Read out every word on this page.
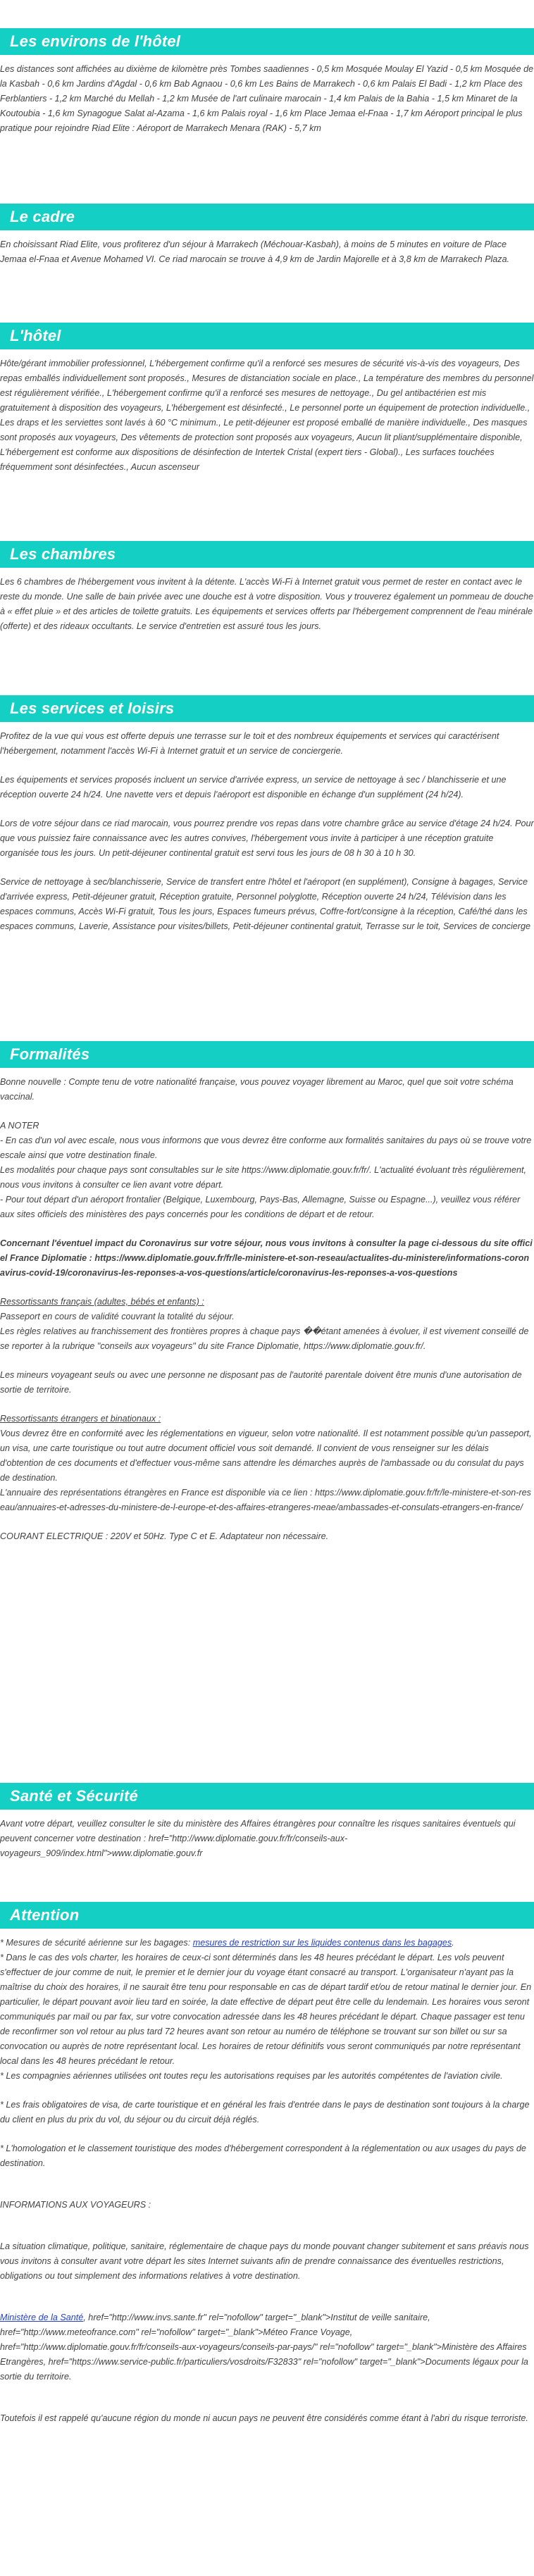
Les environs de l'hôtel

Les distances sont affichées au dixième de kilomètre près Tombes saadiennes - 0,5 km Mosquée Moulay El Yazid - 0,5 km Mosquée de la Kasbah - 0,6 km Jardins d'Agdal - 0,6 km Bab Agnaou - 0,6 km Les Bains de Marrakech - 0,6 km Palais El Badi - 1,2 km Place des Ferblantiers - 1,2 km Marché du Mellah - 1,2 km Musée de l'art culinaire marocain - 1,4 km Palais de la Bahia - 1,5 km Minaret de la Koutoubia - 1,6 km Synagogue Salat al-Azama - 1,6 km Palais royal - 1,6 km Place Jemaa el-Fnaa - 1,7 km Aéroport principal le plus pratique pour rejoindre Riad Elite : Aéroport de Marrakech Menara (RAK) - 5,7 km

Le cadre

En choisissant Riad Elite, vous profiterez d'un séjour à Marrakech (Méchouar-Kasbah), à moins de 5 minutes en voiture de Place Jemaa el-Fnaa et Avenue Mohamed VI. Ce riad marocain se trouve à 4,9 km de Jardin Majorelle et à 3,8 km de Marrakech Plaza.

L'hôtel

Hôte/gérant immobilier professionnel, L'hébergement confirme qu'il a renforcé ses mesures de sécurité vis-à-vis des voyageurs, Des repas emballés individuellement sont proposés., Mesures de distanciation sociale en place., La température des membres du personnel est régulièrement vérifiée., L'hébergement confirme qu'il a renforcé ses mesures de nettoyage., Du gel antibactérien est mis gratuitement à disposition des voyageurs, L'hébergement est désinfecté., Le personnel porte un équipement de protection individuelle., Les draps et les serviettes sont lavés à 60 °C minimum., Le petit-déjeuner est proposé emballé de manière individuelle., Des masques sont proposés aux voyageurs, Des vêtements de protection sont proposés aux voyageurs, Aucun lit pliant/supplémentaire disponible, L'hébergement est conforme aux dispositions de désinfection de Intertek Cristal (expert tiers - Global)., Les surfaces touchées fréquemment sont désinfectées., Aucun ascenseur

Les chambres

Les 6 chambres de l'hébergement vous invitent à la détente. L'accès Wi-Fi à Internet gratuit vous permet de rester en contact avec le reste du monde. Une salle de bain privée avec une douche est à votre disposition. Vous y trouverez également un pommeau de douche à « effet pluie » et des articles de toilette gratuits. Les équipements et services offerts par l'hébergement comprennent de l'eau minérale (offerte) et des rideaux occultants. Le service d'entretien est assuré tous les jours.

Les services et loisirs

Profitez de la vue qui vous est offerte depuis une terrasse sur le toit et des nombreux équipements et services qui caractérisent l'hébergement, notamment l'accès Wi-Fi à Internet gratuit et un service de conciergerie.

Les équipements et services proposés incluent un service d'arrivée express, un service de nettoyage à sec / blanchisserie et une réception ouverte 24 h/24. Une navette vers et depuis l'aéroport est disponible en échange d'un supplément (24 h/24).

Lors de votre séjour dans ce riad marocain, vous pourrez prendre vos repas dans votre chambre grâce au service d'étage 24 h/24. Pour que vous puissiez faire connaissance avec les autres convives, l'hébergement vous invite à participer à une réception gratuite organisée tous les jours. Un petit-déjeuner continental gratuit est servi tous les jours de 08 h 30 à 10 h 30.

Service de nettoyage à sec/blanchisserie, Service de transfert entre l'hôtel et l'aéroport (en supplément), Consigne à bagages, Service d'arrivée express, Petit-déjeuner gratuit, Réception gratuite, Personnel polyglotte, Réception ouverte 24 h/24, Télévision dans les espaces communs, Accès Wi-Fi gratuit, Tous les jours, Espaces fumeurs prévus, Coffre-fort/consigne à la réception, Café/thé dans les espaces communs, Laverie, Assistance pour visites/billets, Petit-déjeuner continental gratuit, Terrasse sur le toit, Services de concierge

Formalités

Bonne nouvelle : Compte tenu de votre nationalité française, vous pouvez voyager librement au Maroc, quel que soit votre schéma vaccinal.

A NOTER
- En cas d'un vol avec escale, nous vous informons que vous devrez être conforme aux formalités sanitaires du pays où se trouve votre escale ainsi que votre destination finale.
Les modalités pour chaque pays sont consultables sur le site https://www.diplomatie.gouv.fr/fr/. L'actualité évoluant très régulièrement, nous vous invitons à consulter ce lien avant votre départ.

- Pour tout départ d'un aéroport frontalier (Belgique, Luxembourg, Pays-Bas, Allemagne, Suisse ou Espagne...), veuillez vous référer aux sites officiels des ministères des pays concernés pour les conditions de départ et de retour.

Concernant l'éventuel impact du Coronavirus sur votre séjour, nous vous invitons à consulter la page ci-dessous du site officiel France Diplomatie : https://www.diplomatie.gouv.fr/fr/le-ministere-et-son-reseau/actualites-du-ministere/informations-coronavirus-covid-19/coronavirus-les-reponses-a-vos-questions/article/coronavirus-les-reponses-a-vos-questions

Ressortissants français (adultes, bébés et enfants) :
Passeport en cours de validité couvrant la totalité du séjour.

Les règles relatives au franchissement des frontières propres à chaque pays ��étant amenées à évoluer, il est vivement conseillé de se reporter à la rubrique "conseils aux voyageurs" du site France Diplomatie, https://www.diplomatie.gouv.fr/.

Les mineurs voyageant seuls ou avec une personne ne disposant pas de l'autorité parentale doivent être munis d'une autorisation de sortie de territoire.

Ressortissants étrangers et binationaux :
Vous devrez être en conformité avec les réglementations en vigueur, selon votre nationalité. Il est notamment possible qu'un passeport, un visa, une carte touristique ou tout autre document officiel vous soit demandé. Il convient de vous renseigner sur les délais d'obtention de ces documents et d'effectuer vous-même sans attendre les démarches auprès de l'ambassade ou du consulat du pays de destination.

L'annuaire des représentations étrangères en France est disponible via ce lien : https://www.diplomatie.gouv.fr/fr/le-ministere-et-son-reseau/annuaires-et-adresses-du-ministere-de-l-europe-et-des-affaires-etrangeres-meae/ambassades-et-consulats-etrangers-en-france/

COURANT ELECTRIQUE : 220V et 50Hz. Type C et E. Adaptateur non nécessaire.

Santé et Sécurité

Avant votre départ, veuillez consulter le site du ministère des Affaires étrangères pour connaître les risques sanitaires éventuels qui peuvent concerner votre destination : href="http://www.diplomatie.gouv.fr/fr/conseils-aux-voyageurs_909/index.html">www.diplomatie.gouv.fr

Attention
* Mesures de sécurité aérienne sur les bagages: mesures de restriction sur les liquides contenus dans les bagages.
* Dans le cas des vols charter, les horaires de ceux-ci sont déterminés dans les 48 heures précédant le départ. Les vols peuvent s'effectuer de jour comme de nuit, le premier et le dernier jour du voyage étant consacré au transport. L'organisateur n'ayant pas la maîtrise du choix des horaires, il ne saurait être tenu pour responsable en cas de départ tardif et/ou de retour matinal le dernier jour. En particulier, le départ pouvant avoir lieu tard en soirée, la date effective de départ peut être celle du lendemain. Les horaires vous seront communiqués par mail ou par fax, sur votre convocation adressée dans les 48 heures précédant le départ. Chaque passager est tenu de reconfirmer son vol retour au plus tard 72 heures avant son retour au numéro de téléphone se trouvant sur son billet ou sur sa convocation ou auprès de notre représentant local. Les horaires de retour définitifs vous seront communiqués par notre représentant local dans les 48 heures précédant le retour.

* Les compagnies aériennes utilisées ont toutes reçu les autorisations requises par les autorités compétentes de l'aviation civile.

* Les frais obligatoires de visa, de carte touristique et en général les frais d'entrée dans le pays de destination sont toujours à la charge du client en plus du prix du vol, du séjour ou du circuit déjà réglés.

* L'homologation et le classement touristique des modes d'hébergement correspondent à la réglementation ou aux usages du pays de destination.

INFORMATIONS AUX VOYAGEURS :

La situation climatique, politique, sanitaire, réglementaire de chaque pays du monde pouvant changer subitement et sans préavis nous vous invitons à consulter avant votre départ les sites Internet suivants afin de prendre connaissance des éventuelles restrictions, obligations ou tout simplement des informations relatives à votre destination.

Ministère de la Santé, href="http://www.invs.sante.fr" rel="nofollow" target="_blank">Institut de veille sanitaire, href="http://www.meteofrance.com" rel="nofollow" target="_blank">Méteo France Voyage, href="http://www.diplomatie.gouv.fr/fr/conseils-aux-voyageurs/conseils-par-pays/" rel="nofollow" target="_blank">Ministère des Affaires Etrangères, href="https://www.service-public.fr/particuliers/vosdroits/F32833" rel="nofollow" target="_blank">Documents légaux pour la sortie du territoire.

Toutefois il est rappelé qu'aucune région du monde ni aucun pays ne peuvent être considérés comme étant à l'abri du risque terroriste.
